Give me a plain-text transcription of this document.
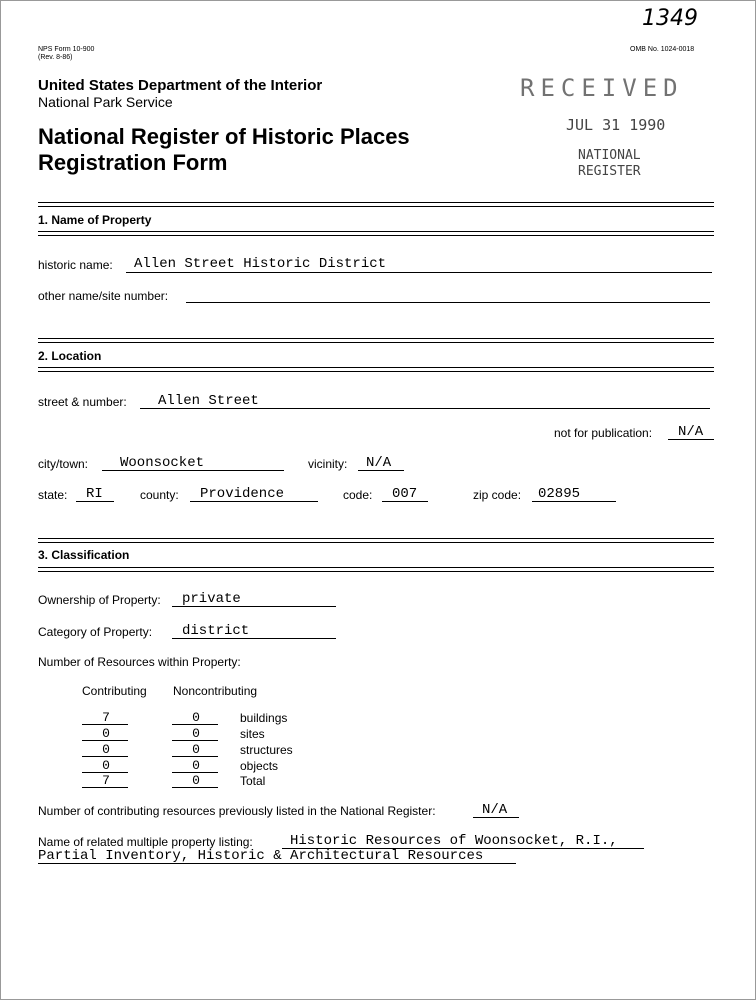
1349
NPS Form 10-900
(Rev. 8-86)
OMB No. 1024-0018
United States Department of the Interior
National Park Service
National Register of Historic Places
Registration Form
RECEIVED
JUL 31 1990
NATIONAL
REGISTER
1. Name of Property
historic name: Allen Street Historic District
other name/site number:
2. Location
street & number: Allen Street
not for publication: N/A
city/town: Woonsocket	vicinity: N/A
state: RI	county: Providence	code: 007	zip code: 02895
3. Classification
Ownership of Property: private
Category of Property: district
Number of Resources within Property:
Contributing Noncontributing
7	0	buildings
0	0	sites
0	0	structures
0	0	objects
7	0	Total
Number of contributing resources previously listed in the National Register:	N/A
Name of related multiple property listing:	Historic Resources of Woonsocket, R.I.,
Partial Inventory, Historic & Architectural Resources
